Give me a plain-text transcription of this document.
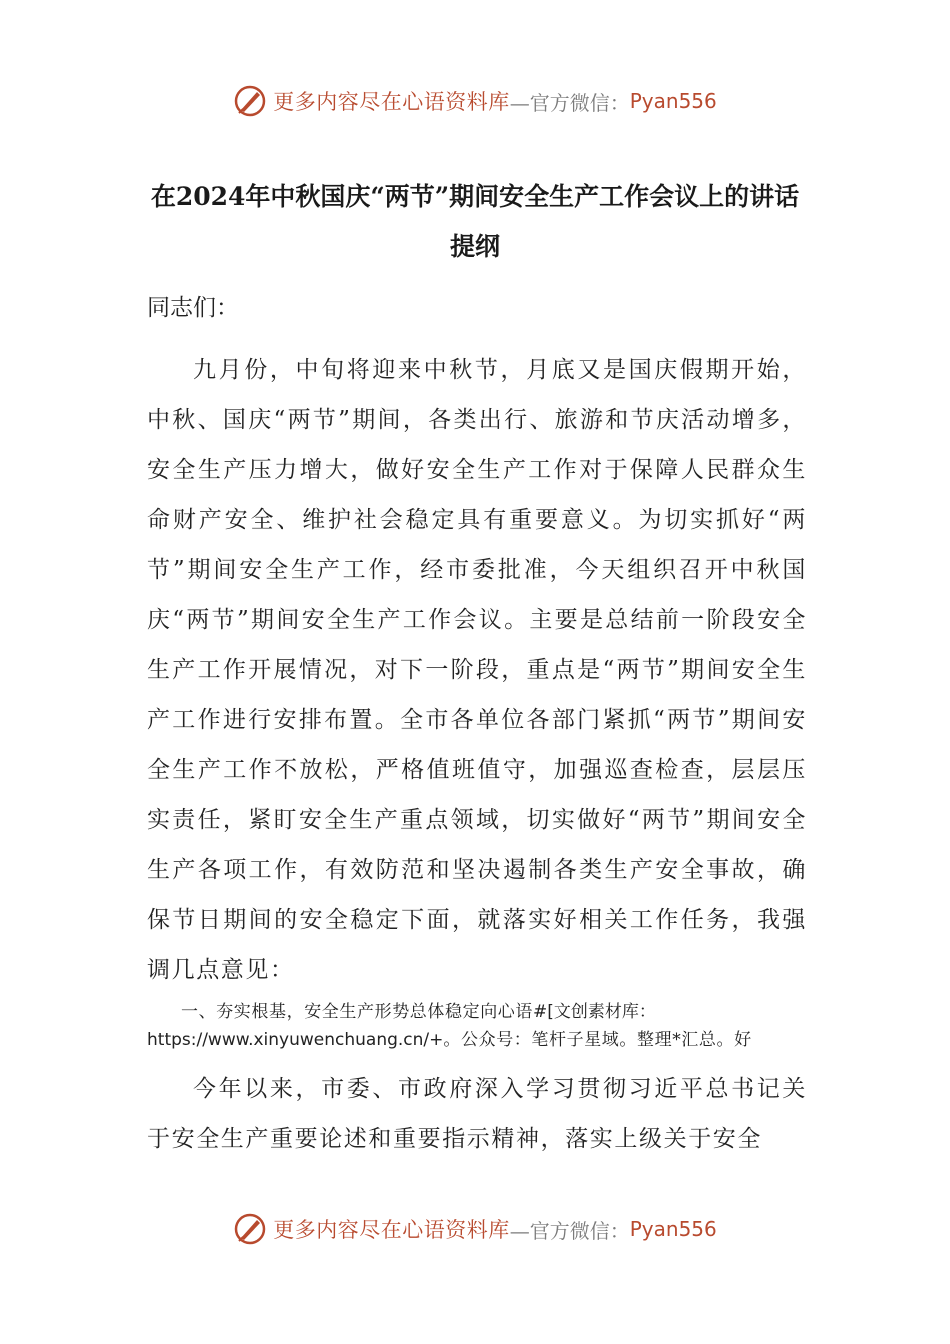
更多内容尽在心语资料库 —官方微信： Pyan556
在2024年中秋国庆“两节”期间安全生产工作会议上的讲话提纲
同志们：

九月份，中旬将迎来中秋节，月底又是国庆假期开始，中秋、国庆“两节”期间，各类出行、旅游和节庆活动增多，安全生产压力增大，做好安全生产工作对于保障人民群众生命财产安全、维护社会稳定具有重要意义。为切实抓好“两节”期间安全生产工作，经市委批准，今天组织召开中秋国庆“两节”期间安全生产工作会议。主要是总结前一阶段安全生产工作开展情况，对下一阶段，重点是“两节”期间安全生产工作进行安排布置。全市各单位各部门紧抓“两节”期间安全生产工作不放松，严格值班值守，加强巡查检查，层层压实责任，紧盯安全生产重点领域，切实做好“两节”期间安全生产各项工作，有效防范和坚决遏制各类生产安全事故，确保节日期间的安全稳定下面，就落实好相关工作任务，我强调几点意见：

一、夯实根基，安全生产形势总体稳定向心语#[文创素材库：https://www.xinyuwenchuang.cn/+。公众号：笔杆子星域。整理*汇总。好

今年以来，市委、市政府深入学习贯彻习近平总书记关于安全生产重要论述和重要指示精神，落实上级关于安全

更多内容尽在心语资料库 —官方微信： Pyan556
